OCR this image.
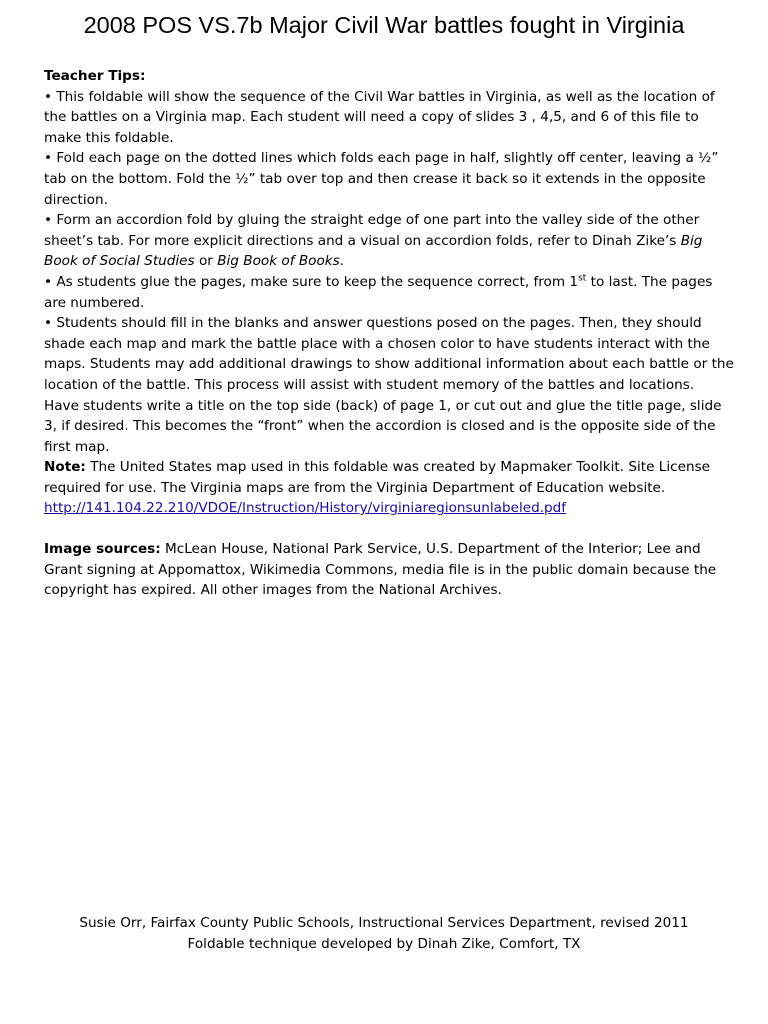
2008 POS VS.7b Major Civil War battles fought in Virginia

Teacher Tips:

• This foldable will show the sequence of the Civil War battles in Virginia, as well as the location of the battles on a Virginia map. Each student will need a copy of slides 3 , 4,5, and 6 of this file to make this foldable.

• Fold each page on the dotted lines which folds each page in half, slightly off center, leaving a ½” tab on the bottom. Fold the ½” tab over top and then crease it back so it extends in the opposite direction.

• Form an accordion fold by gluing the straight edge of one part into the valley side of the other sheet’s tab. For more explicit directions and a visual on accordion folds, refer to Dinah Zike’s Big Book of Social Studies or Big Book of Books.

• As students glue the pages, make sure to keep the sequence correct, from 1st to last. The pages are numbered.

• Students should fill in the blanks and answer questions posed on the pages. Then, they should shade each map and mark the battle place with a chosen color to have students interact with the maps. Students may add additional drawings to show additional information about each battle or the location of the battle. This process will assist with student memory of the battles and locations.

Have students write a title on the top side (back) of page 1, or cut out and glue the title page, slide 3, if desired. This becomes the “front” when the accordion is closed and is the opposite side of the first map.

Note: The United States map used in this foldable was created by Mapmaker Toolkit. Site License required for use. The Virginia maps are from the Virginia Department of Education website. http://141.104.22.210/VDOE/Instruction/History/virginiaregionsunlabeled.pdf

Image sources: McLean House, National Park Service, U.S. Department of the Interior; Lee and Grant signing at Appomattox, Wikimedia Commons, media file is in the public domain because the copyright has expired. All other images from the National Archives.

Susie Orr, Fairfax County Public Schools, Instructional Services Department, revised 2011
Foldable technique developed by Dinah Zike, Comfort, TX
